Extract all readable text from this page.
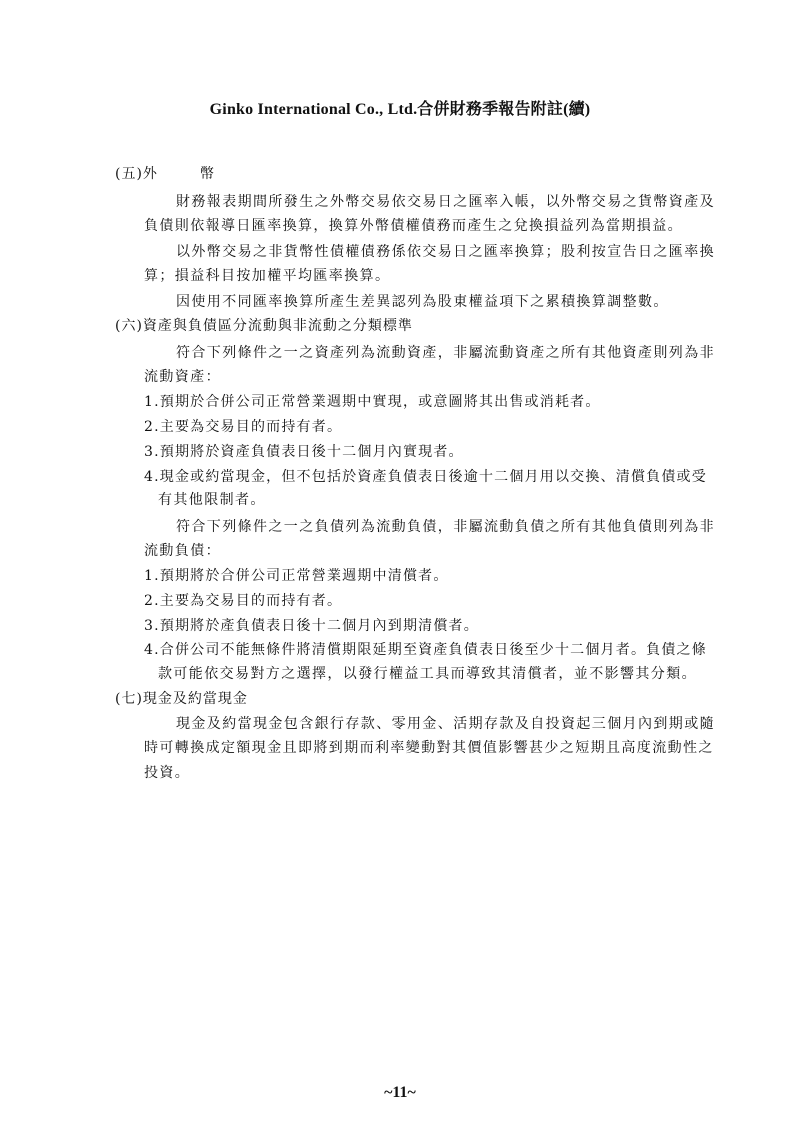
Ginko International Co., Ltd.合併財務季報告附註(續)
(五)外	幣
財務報表期間所發生之外幣交易依交易日之匯率入帳，以外幣交易之貨幣資產及
負債則依報導日匯率換算，換算外幣債權債務而產生之兌換損益列為當期損益。
以外幣交易之非貨幣性債權債務係依交易日之匯率換算；股利按宣告日之匯率換
算；損益科目按加權平均匯率換算。
因使用不同匯率換算所產生差異認列為股東權益項下之累積換算調整數。
(六)資產與負債區分流動與非流動之分類標準
符合下列條件之一之資產列為流動資產，非屬流動資產之所有其他資產則列為非
流動資產：
1.預期於合併公司正常營業週期中實現，或意圖將其出售或消耗者。
2.主要為交易目的而持有者。
3.預期將於資產負債表日後十二個月內實現者。
4.現金或約當現金，但不包括於資產負債表日後逾十二個月用以交換、清償負債或受
有其他限制者。
符合下列條件之一之負債列為流動負債，非屬流動負債之所有其他負債則列為非
流動負債：
1.預期將於合併公司正常營業週期中清償者。
2.主要為交易目的而持有者。
3.預期將於產負債表日後十二個月內到期清償者。
4.合併公司不能無條件將清償期限延期至資產負債表日後至少十二個月者。負債之條
款可能依交易對方之選擇，以發行權益工具而導致其清償者，並不影響其分類。
(七)現金及約當現金
現金及約當現金包含銀行存款、零用金、活期存款及自投資起三個月內到期或隨
時可轉換成定額現金且即將到期而利率變動對其價值影響甚少之短期且高度流動性之
投資。
~11~
